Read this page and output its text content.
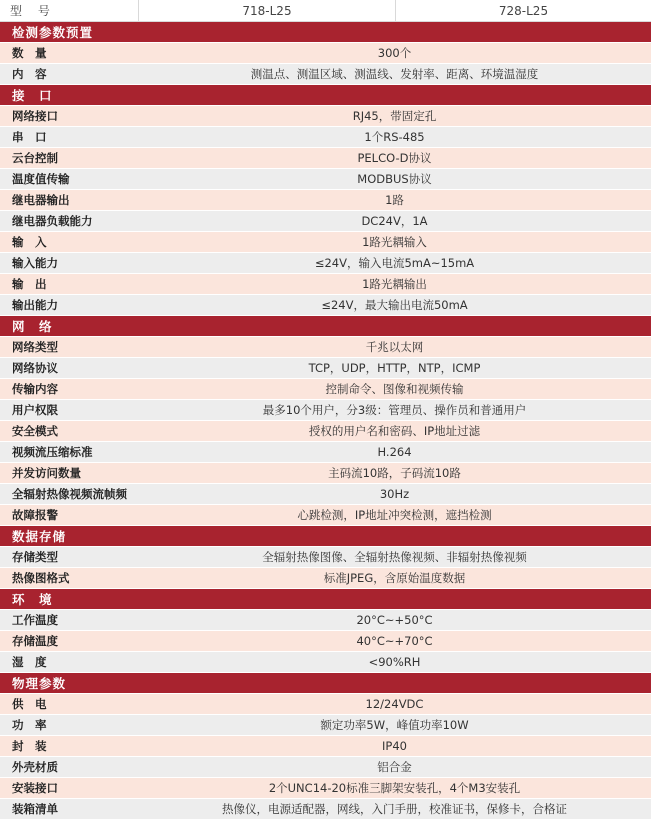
型 号	718-L25	728-L25
检测参数预置
数　量	300个
内　容	测温点、测温区域、测温线、发射率、距离、环境温湿度
接　口
网络接口	RJ45，带固定孔
串　口	1个RS-485
云台控制	PELCO-D协议
温度值传输	MODBUS协议
继电器输出	1路
继电器负载能力	DC24V，1A
输　入	1路光耦输入
输入能力	≤24V，输入电流5mA~15mA
输　出	1路光耦输出
输出能力	≤24V，最大输出电流50mA
网　络
网络类型	千兆以太网
网络协议	TCP，UDP，HTTP，NTP，ICMP
传输内容	控制命令、图像和视频传输
用户权限	最多10个用户，分3级：管理员、操作员和普通用户
安全模式	授权的用户名和密码、IP地址过滤
视频流压缩标准	H.264
并发访问数量	主码流10路，子码流10路
全辐射热像视频流帧频	30Hz
故障报警	心跳检测，IP地址冲突检测，遮挡检测
数据存储
存储类型	全辐射热像图像、全辐射热像视频、非辐射热像视频
热像图格式	标准JPEG，含原始温度数据
环　境
工作温度	20°C~+50°C
存储温度	40°C~+70°C
湿　度	<90%RH
物理参数
供　电	12/24VDC
功　率	额定功率5W，峰值功率10W
封　装	IP40
外壳材质	铝合金
安装接口	2个UNC14-20标准三脚架安装孔，4个M3安装孔
装箱清单	热像仪，电源适配器，网线，入门手册，校准证书，保修卡，合格证
